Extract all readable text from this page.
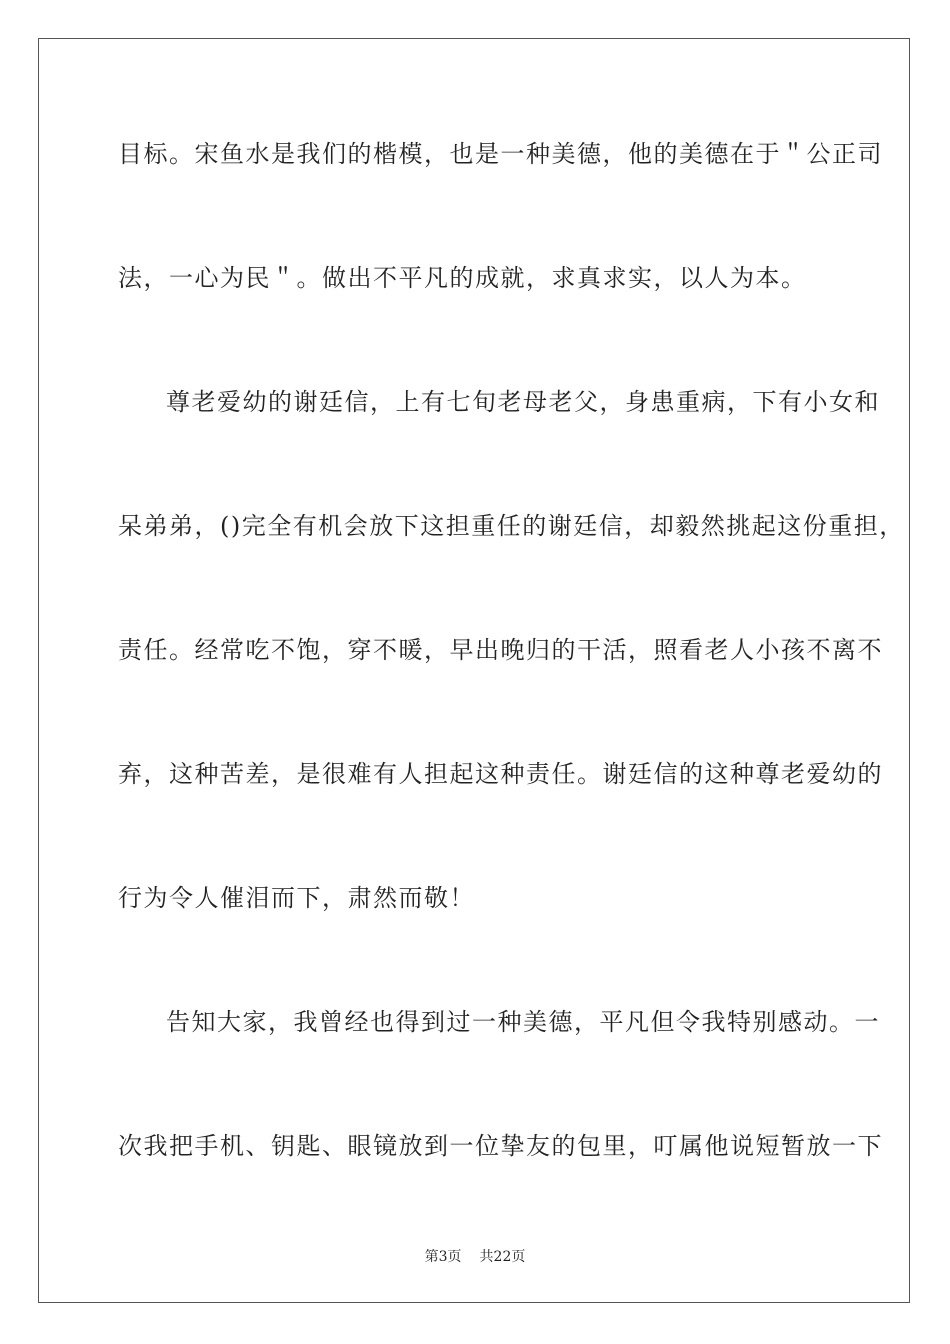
目标。宋鱼水是我们的楷模，也是一种美德，他的美德在于＂公正司
法，一心为民＂。做出不平凡的成就，求真求实，以人为本。
尊老爱幼的谢廷信，上有七旬老母老父，身患重病，下有小女和
呆弟弟，()完全有机会放下这担重任的谢廷信，却毅然挑起这份重担，
责任。经常吃不饱，穿不暖，早出晚归的干活，照看老人小孩不离不
弃，这种苦差，是很难有人担起这种责任。谢廷信的这种尊老爱幼的
行为令人催泪而下，肃然而敬！
告知大家，我曾经也得到过一种美德，平凡但令我特别感动。一
次我把手机、钥匙、眼镜放到一位挚友的包里，叮属他说短暂放一下
第3页 共22页
